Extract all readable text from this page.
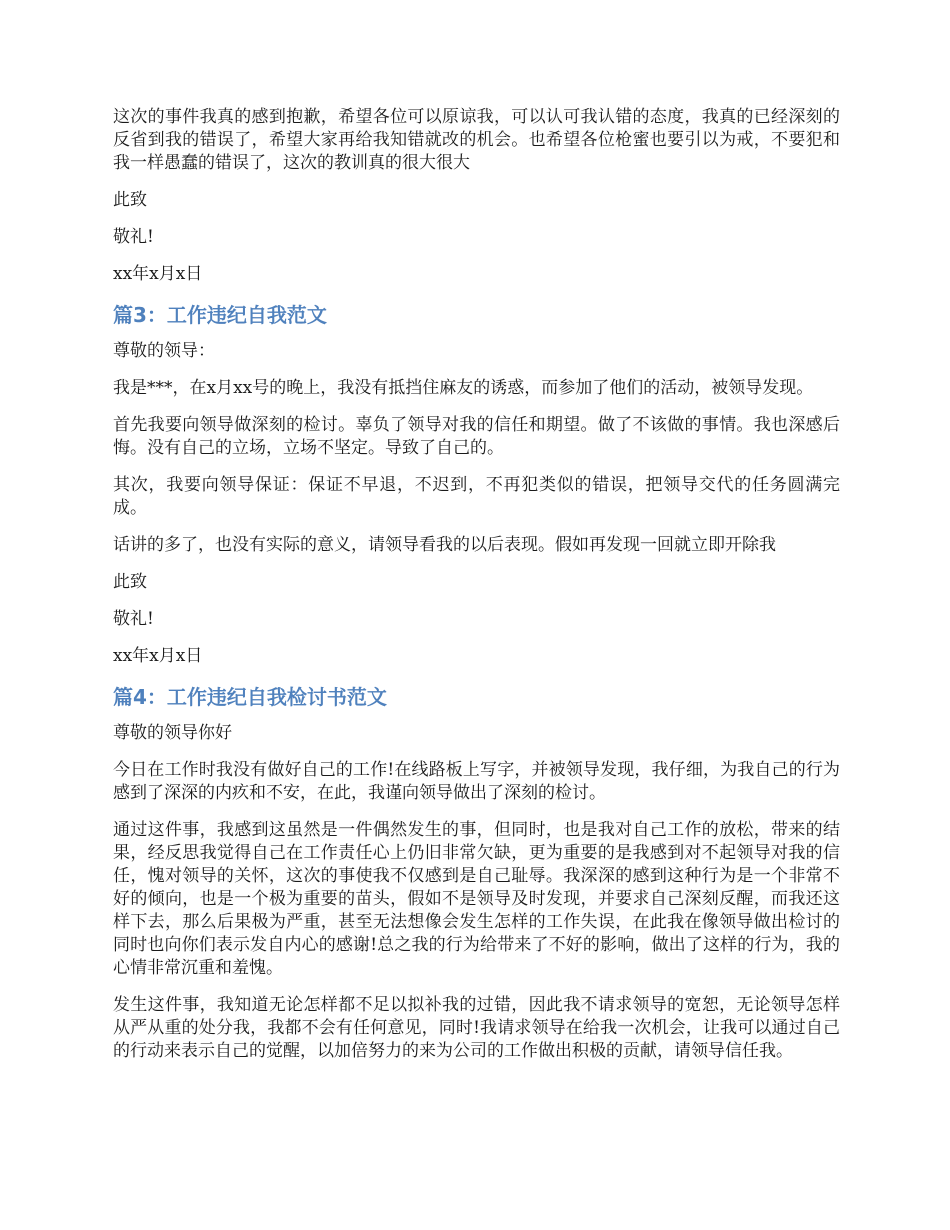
这次的事件我真的感到抱歉，希望各位可以原谅我，可以认可我认错的态度，我真的已经深刻的反省到我的错误了，希望大家再给我知错就改的机会。也希望各位枪蜜也要引以为戒，不要犯和我一样愚蠢的错误了，这次的教训真的很大很大

此致

敬礼!

xx年x月x日

篇3：工作违纪自我范文

尊敬的领导：

我是***，在x月xx号的晚上，我没有抵挡住麻友的诱惑，而参加了他们的活动，被领导发现。

首先我要向领导做深刻的检讨。辜负了领导对我的信任和期望。做了不该做的事情。我也深感后悔。没有自己的立场，立场不坚定。导致了自己的。

其次，我要向领导保证：保证不早退，不迟到，不再犯类似的错误，把领导交代的任务圆满完成。

话讲的多了，也没有实际的意义，请领导看我的以后表现。假如再发现一回就立即开除我

此致

敬礼!

xx年x月x日

篇4：工作违纪自我检讨书范文

尊敬的领导你好

今日在工作时我没有做好自己的工作!在线路板上写字，并被领导发现，我仔细，为我自己的行为感到了深深的内疚和不安，在此，我谨向领导做出了深刻的检讨。

通过这件事，我感到这虽然是一件偶然发生的事，但同时，也是我对自己工作的放松，带来的结果，经反思我觉得自己在工作责任心上仍旧非常欠缺，更为重要的是我感到对不起领导对我的信任，愧对领导的关怀，这次的事使我不仅感到是自己耻辱。我深深的感到这种行为是一个非常不好的倾向，也是一个极为重要的苗头，假如不是领导及时发现，并要求自己深刻反醒，而我还这样下去，那么后果极为严重，甚至无法想像会发生怎样的工作失误，在此我在像领导做出检讨的同时也向你们表示发自内心的感谢!总之我的行为给带来了不好的影响，做出了这样的行为，我的心情非常沉重和羞愧。

发生这件事，我知道无论怎样都不足以拟补我的过错，因此我不请求领导的宽恕，无论领导怎样从严从重的处分我，我都不会有任何意见，同时!我请求领导在给我一次机会，让我可以通过自己的行动来表示自己的觉醒，以加倍努力的来为公司的工作做出积极的贡献，请领导信任我。
